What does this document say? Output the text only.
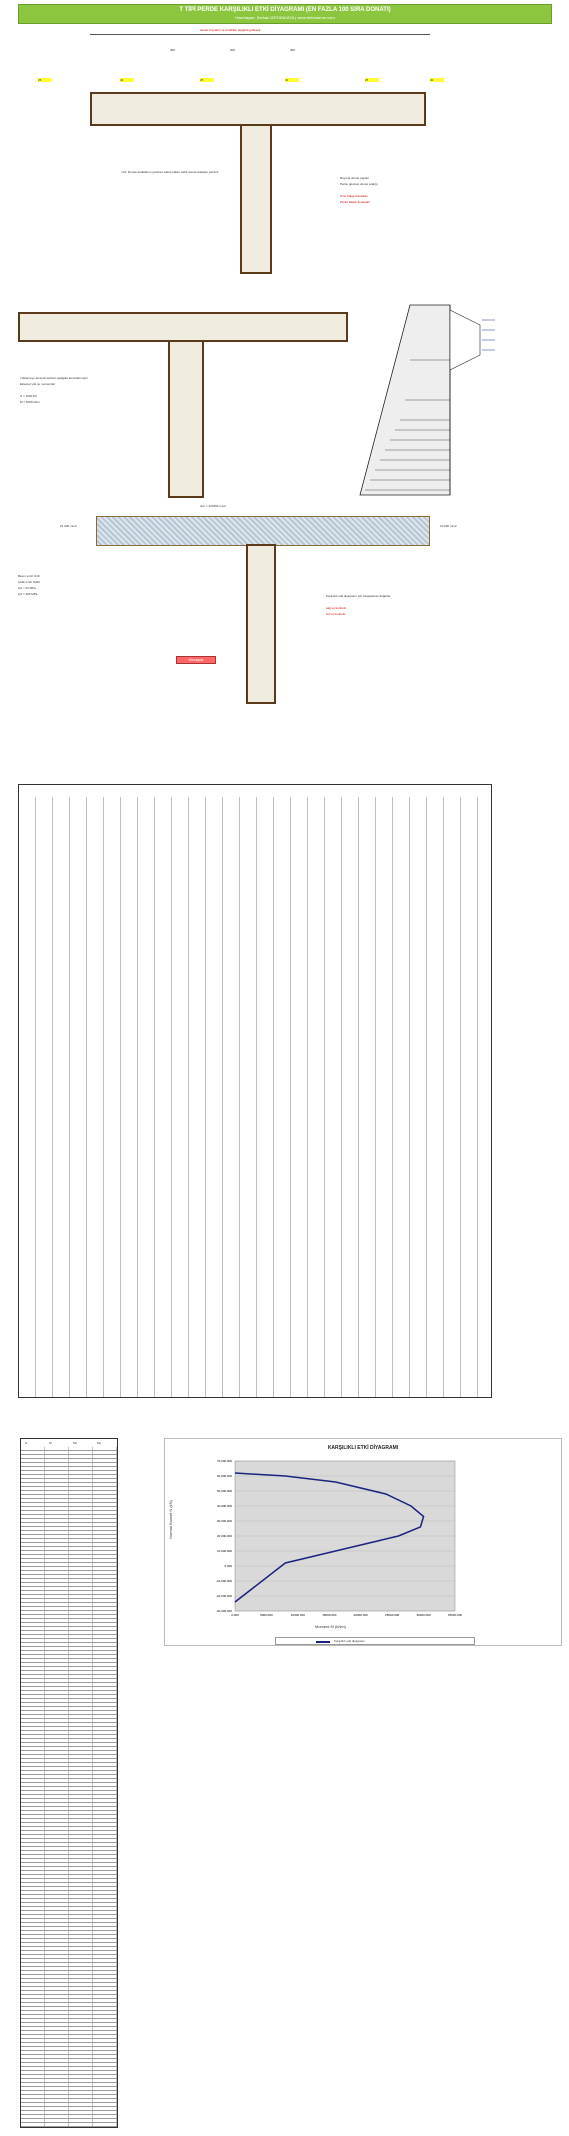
T TİPİ PERDE KARŞILIKLI ETKİ DİYAGRAMI (EN FAZLA 100 SIRA DONATI)
Hazırlayan: Serkan ÜSTÜNKAYA | www.betonarme.com
donatı boyutları ve aralıkları aşağıda girilecek
300	300	300
25	40	25	40	25	40
Not: Donatı aralıklarını girerken kabul edilen sabit donatı aralığını yazınız
Boyuna donatı çapları
Perde gövdesi donatı aralığı
Sınır bölge donatıları
Perde başlık donatıları
Yüklemeye ait kesit tesirleri aşağıda tanımlanmıştır
Eksenel yük ve momentler
N = 1000 kN
M = 5000 kNm
Asc = 123456 mm2
21.000 mm2	10.000 mm2
Beton sınıfı C30
Çelik sınıfı S420
fcd = 20 MPa
fyd = 365 MPa	Karşılıklı etki diyagramı için hesaplanan değerler
sağ uç kontrolü
sol uç kontrolü
Hesapla
N	M	Mx	My
KARŞILIKLI ETKİ DİYAGRAMI
0.000	5000.000	10000.000	15000.000	20000.000	25000.000	30000.000	35000.000
-30,000.000
-20,000.000
-10,000.000
0.000
10,000.000
20,000.000
30,000.000
40,000.000
50,000.000
60,000.000
70,000.000
Moment M (kNm)
Normal Kuvvet N (kN)
Karşılıklı etki diyagramı
